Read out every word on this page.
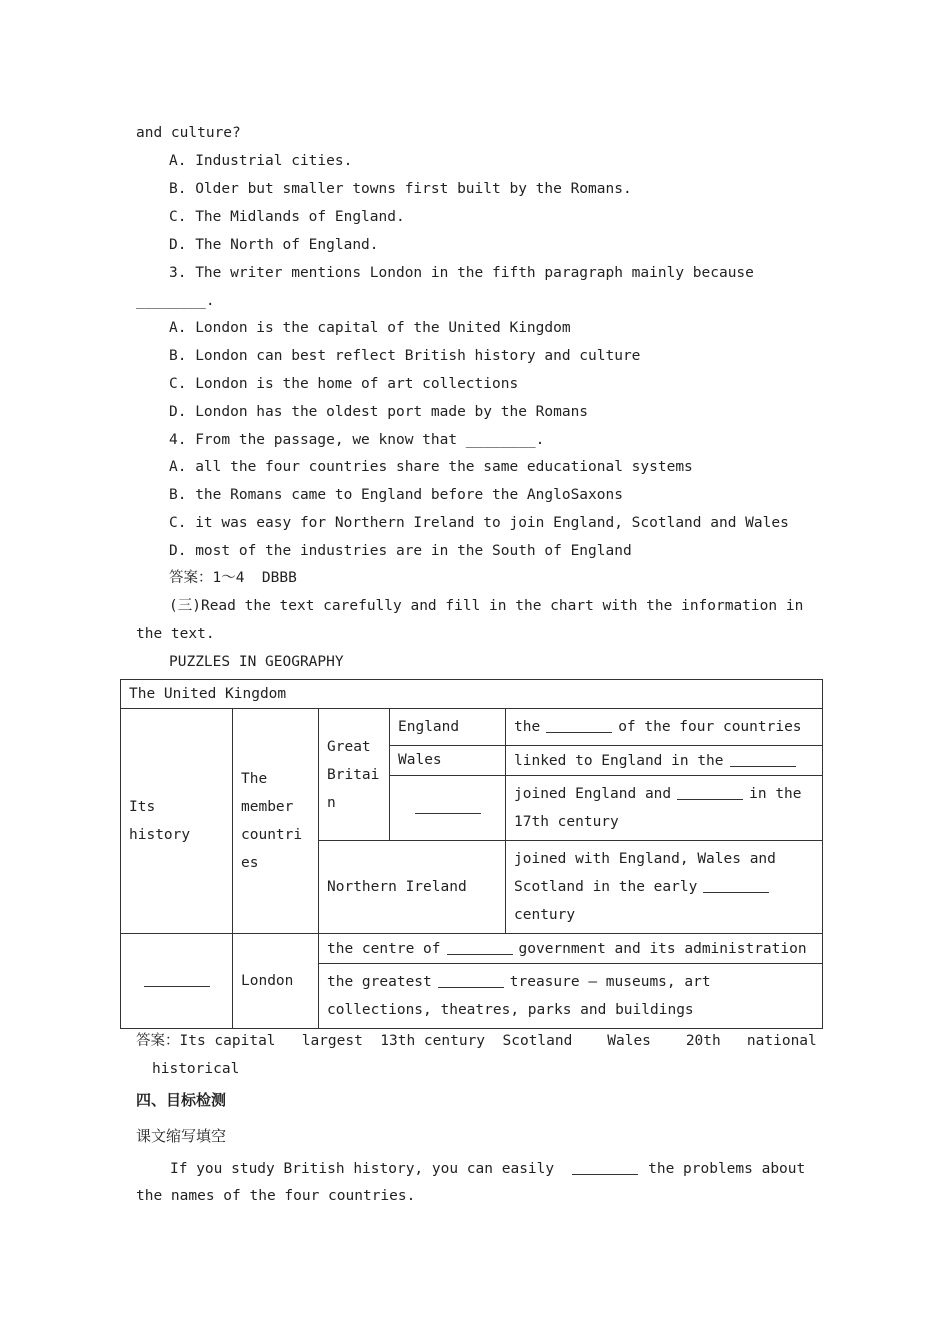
and culture?
A. Industrial cities.
B. Older but smaller towns first built by the Romans.
C. The Midlands of England.
D. The North of England.
3. The writer mentions London in the fifth paragraph mainly because
________.
A. London is the capital of the United Kingdom
B. London can best reflect British history and culture
C. London is the home of art collections
D. London has the oldest port made by the Romans
4. From the passage, we know that ________.
A. all the four countries share the same educational systems
B. the Romans came to England before the AngloSaxons
C. it was easy for Northern Ireland to join England, Scotland and Wales
D. most of the industries are in the South of England
答案：1～4  DBBB
(三)Read the text carefully and fill in the chart with the information in
the text.
PUZZLES IN GEOGRAPHY
The United Kingdom				
Its history	The member countries	Great Britain	England	the of the four countries
			Wales	linked to England in the
				joined England and in the 17th century
		Northern Ireland		joined with England, Wales and Scotland in the earlycentury
	London	the centre of government and its administration		
		the greatest treasure — museums, art collections, theatres, parks and buildings		
答案：Its capital   largest  13th century  Scotland    Wales    20th   national
historical
四、目标检测
课文缩写填空
If you study British history, you can easily	the problems about
the names of the four countries.
